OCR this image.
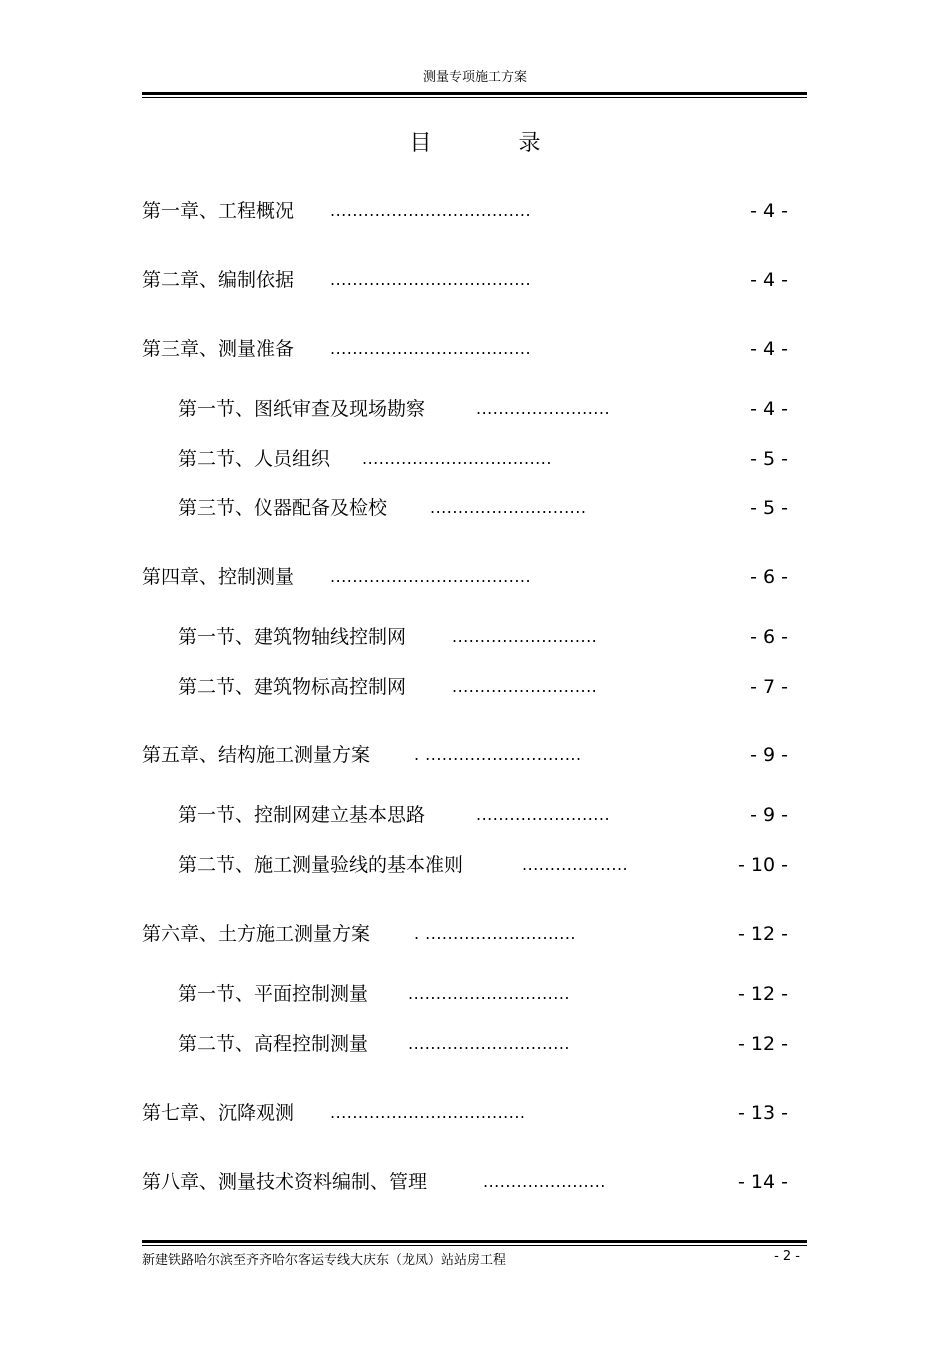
测量专项施工方案
目 录
第一章、工程概况 ....................................	- 4 -
第二章、编制依据 ....................................	- 4 -
第三章、测量准备 ....................................	- 4 -
第一节、图纸审查及现场勘察	........................	- 4 -
第二节、人员组织 ..................................	- 5 -
第三节、仪器配备及检校	............................	- 5 -
第四章、控制测量 ....................................	- 6 -
第一节、建筑物轴线控制网	..........................	- 6 -
第二节、建筑物标高控制网	..........................	- 7 -
第五章、结构施工测量方案	. ............................	- 9 -
第一节、控制网建立基本思路	........................	- 9 -
第二节、施工测量验线的基本准则	...................	- 10 -
第六章、土方施工测量方案	. ...........................	- 12 -
第一节、平面控制测量 .............................	- 12 -
第二节、高程控制测量 .............................	- 12 -
第七章、沉降观测 ...................................	- 13 -
第八章、测量技术资料编制、管理	......................	- 14 -
新建铁路哈尔滨至齐齐哈尔客运专线大庆东（龙凤）站站房工程	- 2 -
